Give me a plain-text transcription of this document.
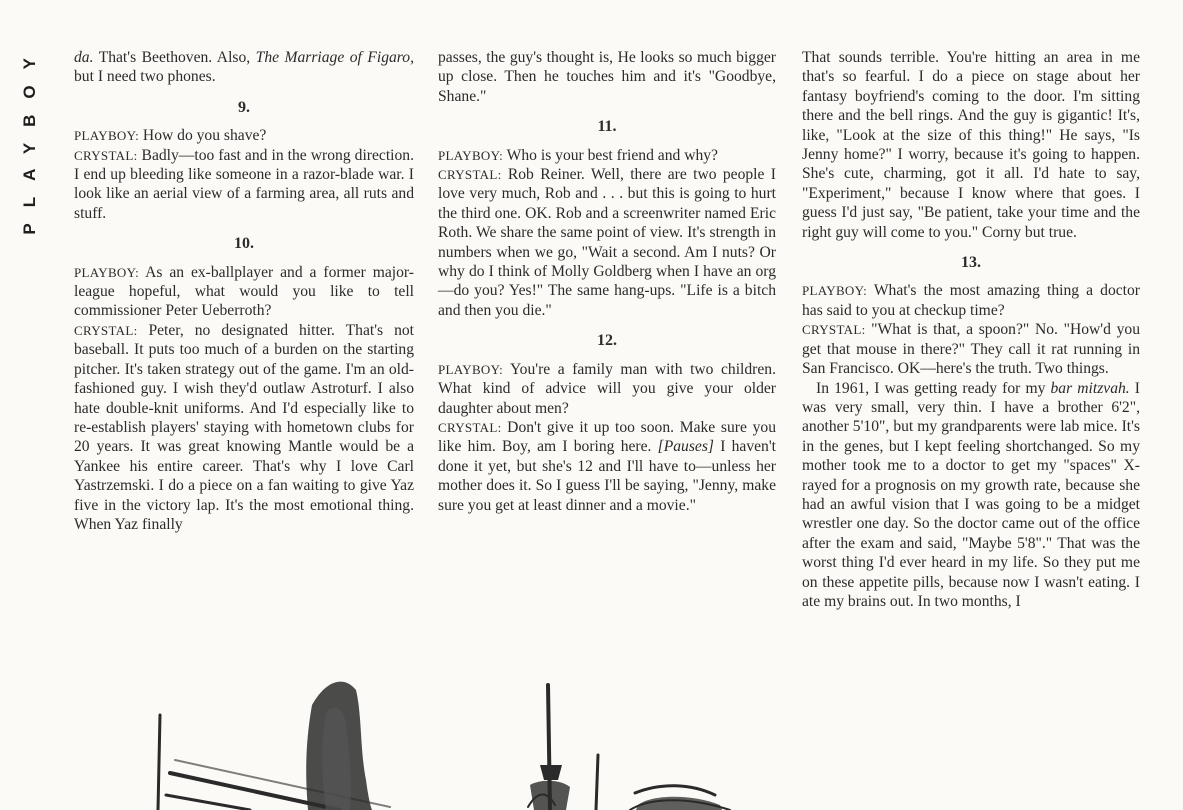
PLAYBOY da. That's Beethoven. Also, The Marriage of Figaro, but I need two phones.

9.

PLAYBOY: How do you shave?

CRYSTAL: Badly—too fast and in the wrong direction. I end up bleeding like someone in a razor-blade war. I look like an aerial view of a farming area, all ruts and stuff.

10.

PLAYBOY: As an ex-ballplayer and a former major-league hopeful, what would you like to tell commissioner Peter Ueberroth?

CRYSTAL: Peter, no designated hitter. That's not baseball. It puts too much of a burden on the starting pitcher. It's taken strategy out of the game. I'm an old-fashioned guy. I wish they'd outlaw Astroturf. I also hate double-knit uniforms. And I'd especially like to re-establish players' staying with hometown clubs for 20 years. It was great knowing Mantle would be a Yankee his entire career. That's why I love Carl Yastrzemski. I do a piece on a fan waiting to give Yaz five in the victory lap. It's the most emotional thing. When Yaz finally

passes, the guy's thought is, He looks so much bigger up close. Then he touches him and it's "Goodbye, Shane."

11.

PLAYBOY: Who is your best friend and why?

CRYSTAL: Rob Reiner. Well, there are two people I love very much, Rob and . . . but this is going to hurt the third one. OK. Rob and a screenwriter named Eric Roth. We share the same point of view. It's strength in numbers when we go, "Wait a second. Am I nuts? Or why do I think of Molly Goldberg when I have an org—do you? Yes!" The same hang-ups. "Life is a bitch and then you die."

12.

PLAYBOY: You're a family man with two children. What kind of advice will you give your older daughter about men?

CRYSTAL: Don't give it up too soon. Make sure you like him. Boy, am I boring here. [Pauses] I haven't done it yet, but she's 12 and I'll have to—unless her mother does it. So I guess I'll be saying, "Jenny, make sure you get at least dinner and a movie."

That sounds terrible. You're hitting an area in me that's so fearful. I do a piece on stage about her fantasy boyfriend's coming to the door. I'm sitting there and the bell rings. And the guy is gigantic! It's, like, "Look at the size of this thing!" He says, "Is Jenny home?" I worry, because it's going to happen. She's cute, charming, got it all. I'd hate to say, "Experiment," because I know where that goes. I guess I'd just say, "Be patient, take your time and the right guy will come to you." Corny but true.

13.

PLAYBOY: What's the most amazing thing a doctor has said to you at checkup time?

CRYSTAL: "What is that, a spoon?" No. "How'd you get that mouse in there?" They call it rat running in San Francisco. OK—here's the truth. Two things.

In 1961, I was getting ready for my bar mitzvah. I was very small, very thin. I have a brother 6'2", another 5'10", but my grandparents were lab mice. It's in the genes, but I kept feeling shortchanged. So my mother took me to a doctor to get my "spaces" X-rayed for a prognosis on my growth rate, because she had an awful vision that I was going to be a midget wrestler one day. So the doctor came out of the office after the exam and said, "Maybe 5'8"." That was the worst thing I'd ever heard in my life. So they put me on these appetite pills, because now I wasn't eating. I ate my brains out. In two months, I
